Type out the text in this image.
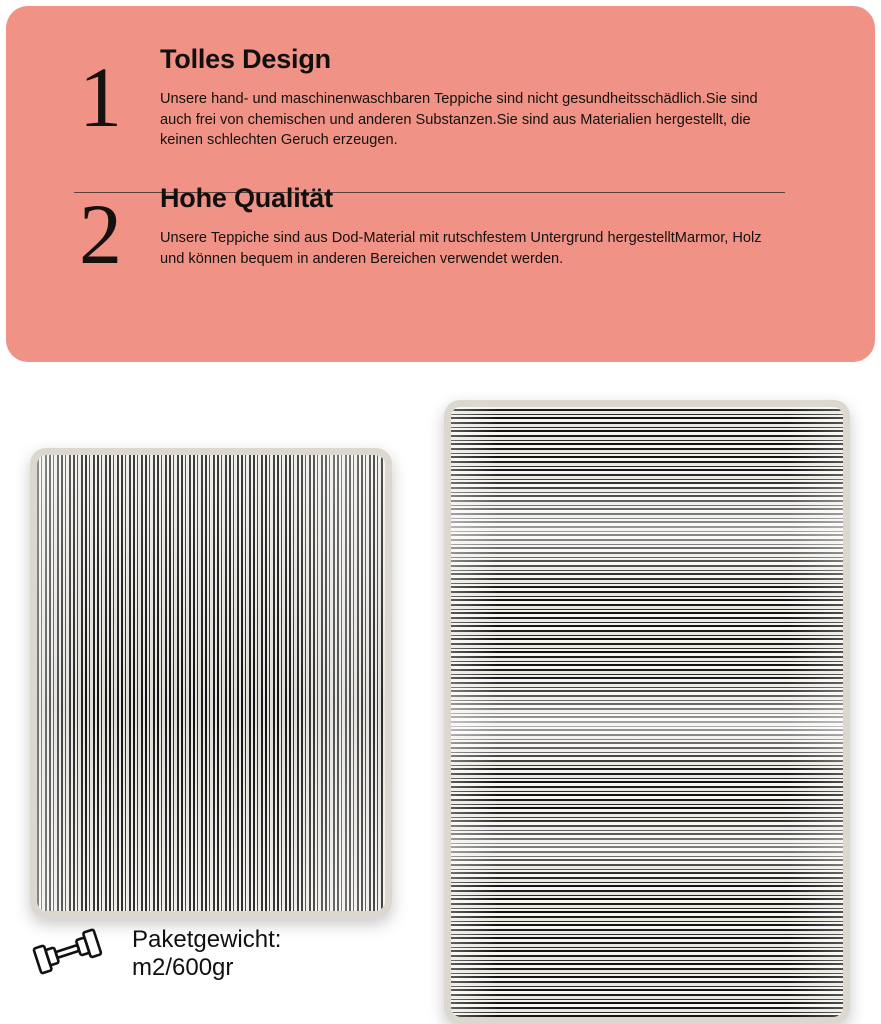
1	Tolles Design

Unsere hand- und maschinenwaschbaren Teppiche sind nicht gesundheitsschädlich.Sie sind auch frei von chemischen und anderen Substanzen.Sie sind aus Materialien hergestellt, die keinen schlechten Geruch erzeugen.

2	Hohe Qualität

Unsere Teppiche sind aus Dod-Material mit rutschfestem Untergrund hergestelltMarmor, Holz und können bequem in anderen Bereichen verwendet werden.

Paketgewicht:
m2/600gr
